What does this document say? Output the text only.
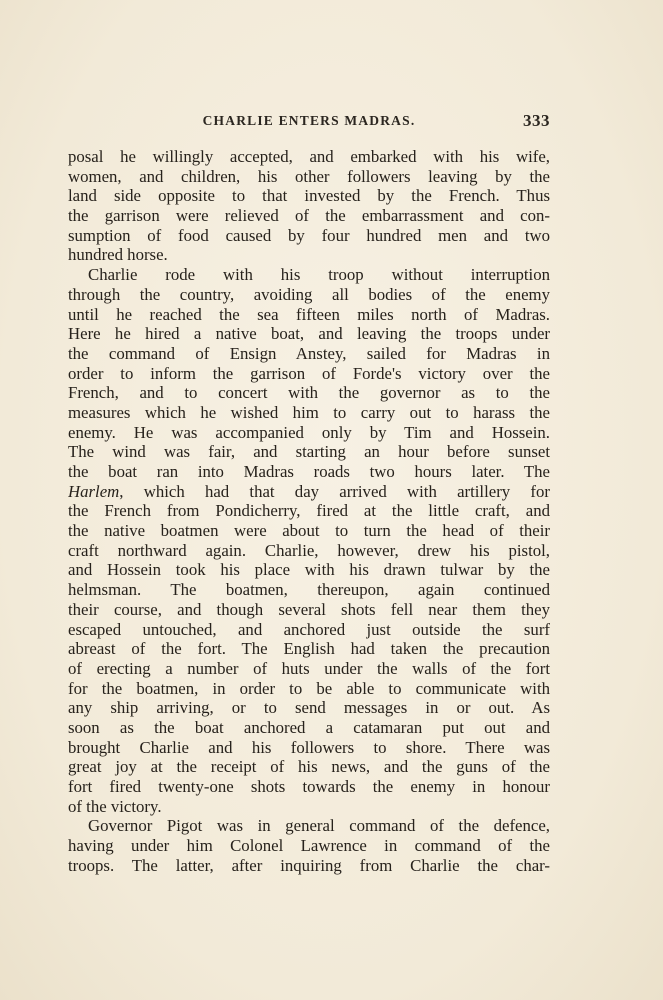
CHARLIE ENTERS MADRAS.	333
posal he willingly accepted, and embarked with his wife,
women, and children, his other followers leaving by the
land side opposite to that invested by the French. Thus
the garrison were relieved of the embarrassment and con-
sumption of food caused by four hundred men and two
hundred horse.
Charlie rode with his troop without interruption
through the country, avoiding all bodies of the enemy
until he reached the sea fifteen miles north of Madras.
Here he hired a native boat, and leaving the troops under
the command of Ensign Anstey, sailed for Madras in
order to inform the garrison of Forde's victory over the
French, and to concert with the governor as to the
measures which he wished him to carry out to harass the
enemy. He was accompanied only by Tim and Hossein.
The wind was fair, and starting an hour before sunset
the boat ran into Madras roads two hours later. The
Harlem, which had that day arrived with artillery for
the French from Pondicherry, fired at the little craft, and
the native boatmen were about to turn the head of their
craft northward again. Charlie, however, drew his pistol,
and Hossein took his place with his drawn tulwar by the
helmsman. The boatmen, thereupon, again continued
their course, and though several shots fell near them they
escaped untouched, and anchored just outside the surf
abreast of the fort. The English had taken the precaution
of erecting a number of huts under the walls of the fort
for the boatmen, in order to be able to communicate with
any ship arriving, or to send messages in or out. As
soon as the boat anchored a catamaran put out and
brought Charlie and his followers to shore. There was
great joy at the receipt of his news, and the guns of the
fort fired twenty-one shots towards the enemy in honour
of the victory.
Governor Pigot was in general command of the defence,
having under him Colonel Lawrence in command of the
troops. The latter, after inquiring from Charlie the char-
